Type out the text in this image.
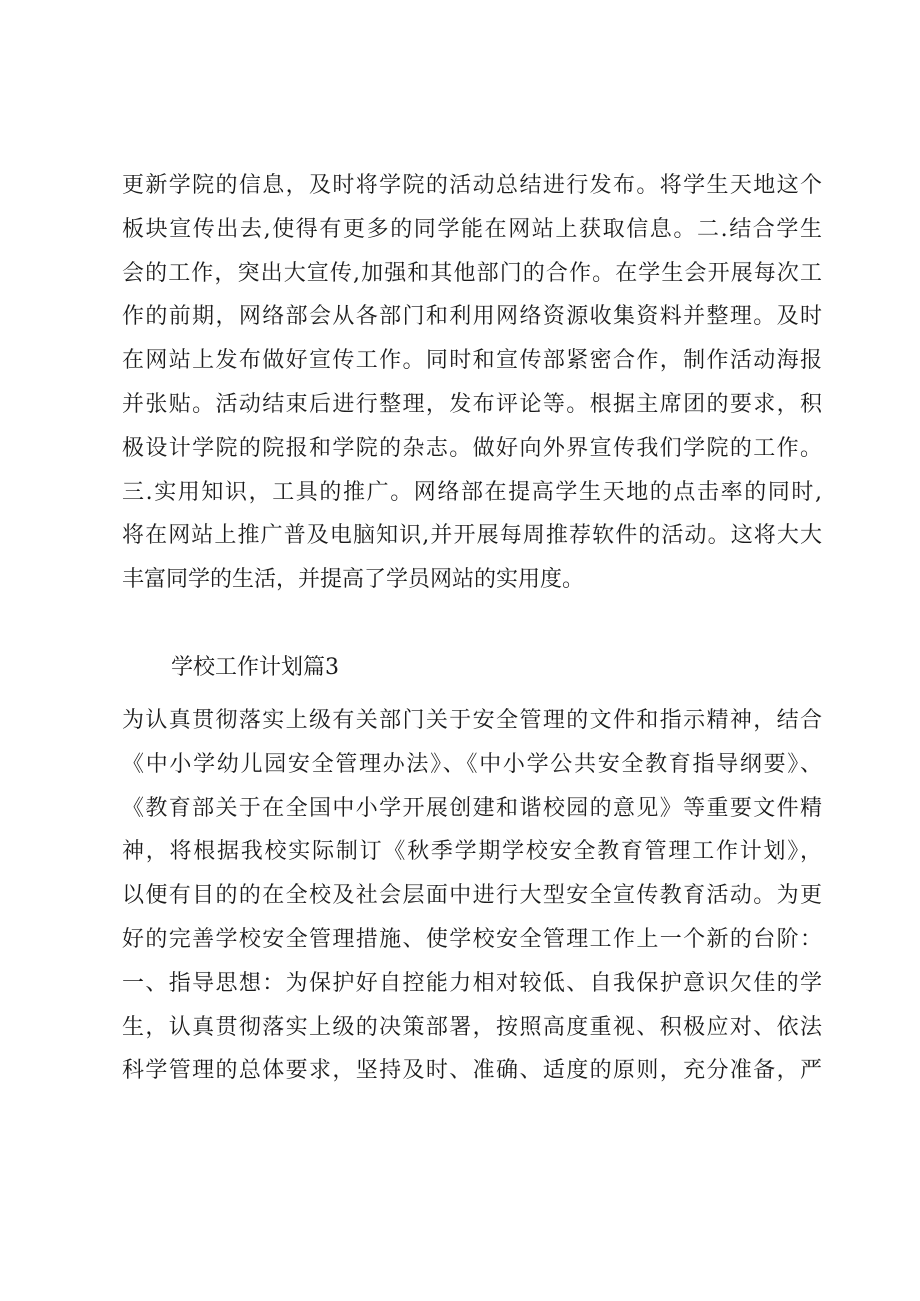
更新学院的信息，及时将学院的活动总结进行发布。将学生天地这个
板块宣传出去,使得有更多的同学能在网站上获取信息。二.结合学生
会的工作，突出大宣传,加强和其他部门的合作。在学生会开展每次工
作的前期，网络部会从各部门和利用网络资源收集资料并整理。及时
在网站上发布做好宣传工作。同时和宣传部紧密合作，制作活动海报
并张贴。活动结束后进行整理，发布评论等。根据主席团的要求，积
极设计学院的院报和学院的杂志。做好向外界宣传我们学院的工作。
三.实用知识，工具的推广。网络部在提高学生天地的点击率的同时,
将在网站上推广普及电脑知识,并开展每周推荐软件的活动。这将大大
丰富同学的生活，并提高了学员网站的实用度。
学校工作计划篇3
为认真贯彻落实上级有关部门关于安全管理的文件和指示精神，结合
《中小学幼儿园安全管理办法》、《中小学公共安全教育指导纲要》、
《教育部关于在全国中小学开展创建和谐校园的意见》等重要文件精
神，将根据我校实际制订《秋季学期学校安全教育管理工作计划》，
以便有目的的在全校及社会层面中进行大型安全宣传教育活动。为更
好的完善学校安全管理措施、使学校安全管理工作上一个新的台阶：
一、指导思想：为保护好自控能力相对较低、自我保护意识欠佳的学
生，认真贯彻落实上级的决策部署，按照高度重视、积极应对、依法
科学管理的总体要求，坚持及时、准确、适度的原则，充分准备，严
